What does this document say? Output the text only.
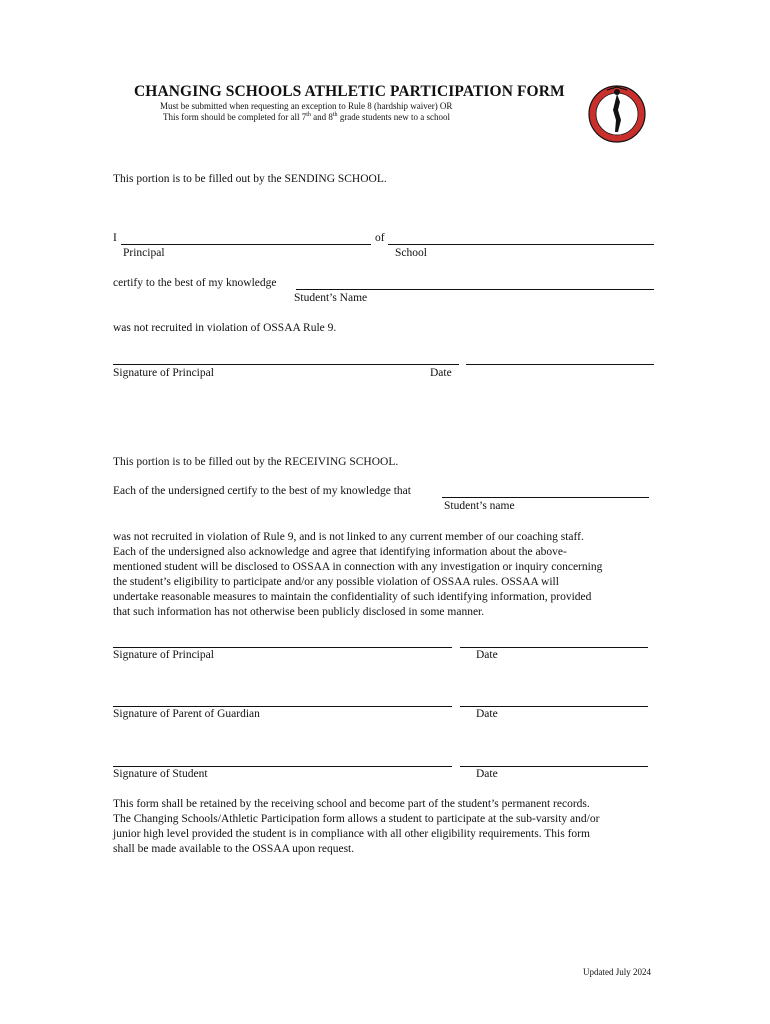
CHANGING SCHOOLS ATHLETIC PARTICIPATION FORM
Must be submitted when requesting an exception to Rule 8 (hardship waiver) OR
This form should be completed for all 7th and 8th grade students new to a school
This portion is to be filled out by the SENDING SCHOOL.
I	of
Principal	School
certify to the best of my knowledge
Student’s Name
was not recruited in violation of OSSAA Rule 9.
Signature of Principal	Date
This portion is to be filled out by the RECEIVING SCHOOL.
Each of the undersigned certify to the best of my knowledge that
Student’s name
was not recruited in violation of Rule 9, and is not linked to any current member of our coaching staff.
Each of the undersigned also acknowledge and agree that identifying information about the above-
mentioned student will be disclosed to OSSAA in connection with any investigation or inquiry concerning
the student’s eligibility to participate and/or any possible violation of OSSAA rules. OSSAA will
undertake reasonable measures to maintain the confidentiality of such identifying information, provided
that such information has not otherwise been publicly disclosed in some manner.
Signature of Principal	Date
Signature of Parent of Guardian	Date
Signature of Student	Date
This form shall be retained by the receiving school and become part of the student’s permanent records.
The Changing Schools/Athletic Participation form allows a student to participate at the sub-varsity and/or
junior high level provided the student is in compliance with all other eligibility requirements. This form
shall be made available to the OSSAA upon request.
Updated July 2024
